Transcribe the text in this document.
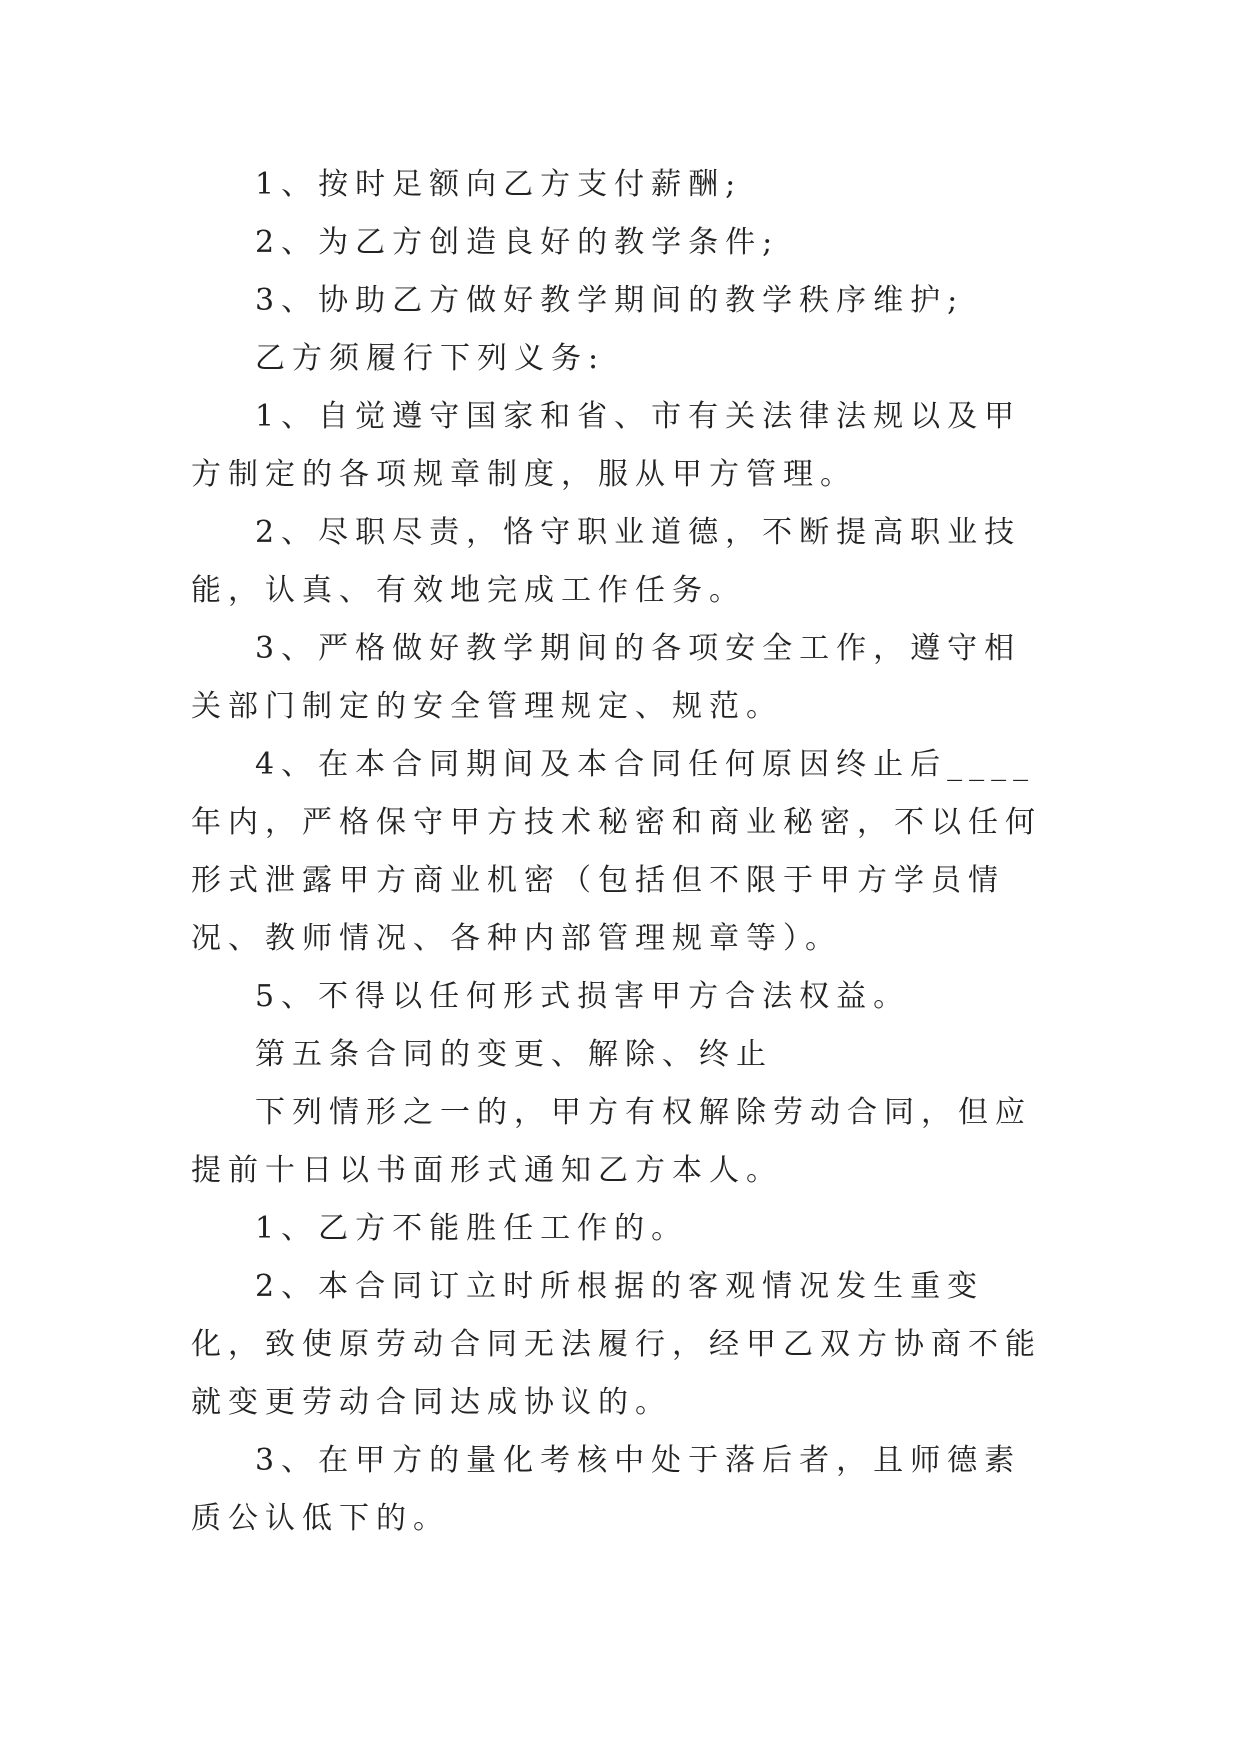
1、按时足额向乙方支付薪酬;

2、为乙方创造良好的教学条件;

3、协助乙方做好教学期间的教学秩序维护;

乙方须履行下列义务:

1、自觉遵守国家和省、市有关法律法规以及甲方制定的各项规章制度，服从甲方管理。

2、尽职尽责，恪守职业道德，不断提高职业技能，认真、有效地完成工作任务。

3、严格做好教学期间的各项安全工作，遵守相关部门制定的安全管理规定、规范。

4、在本合同期间及本合同任何原因终止后____年内，严格保守甲方技术秘密和商业秘密，不以任何形式泄露甲方商业机密（包括但不限于甲方学员情况、教师情况、各种内部管理规章等）。

5、不得以任何形式损害甲方合法权益。

第五条合同的变更、解除、终止

下列情形之一的，甲方有权解除劳动合同，但应提前十日以书面形式通知乙方本人。

1、乙方不能胜任工作的。

2、本合同订立时所根据的客观情况发生重变化，致使原劳动合同无法履行，经甲乙双方协商不能就变更劳动合同达成协议的。

3、在甲方的量化考核中处于落后者，且师德素质公认低下的。
